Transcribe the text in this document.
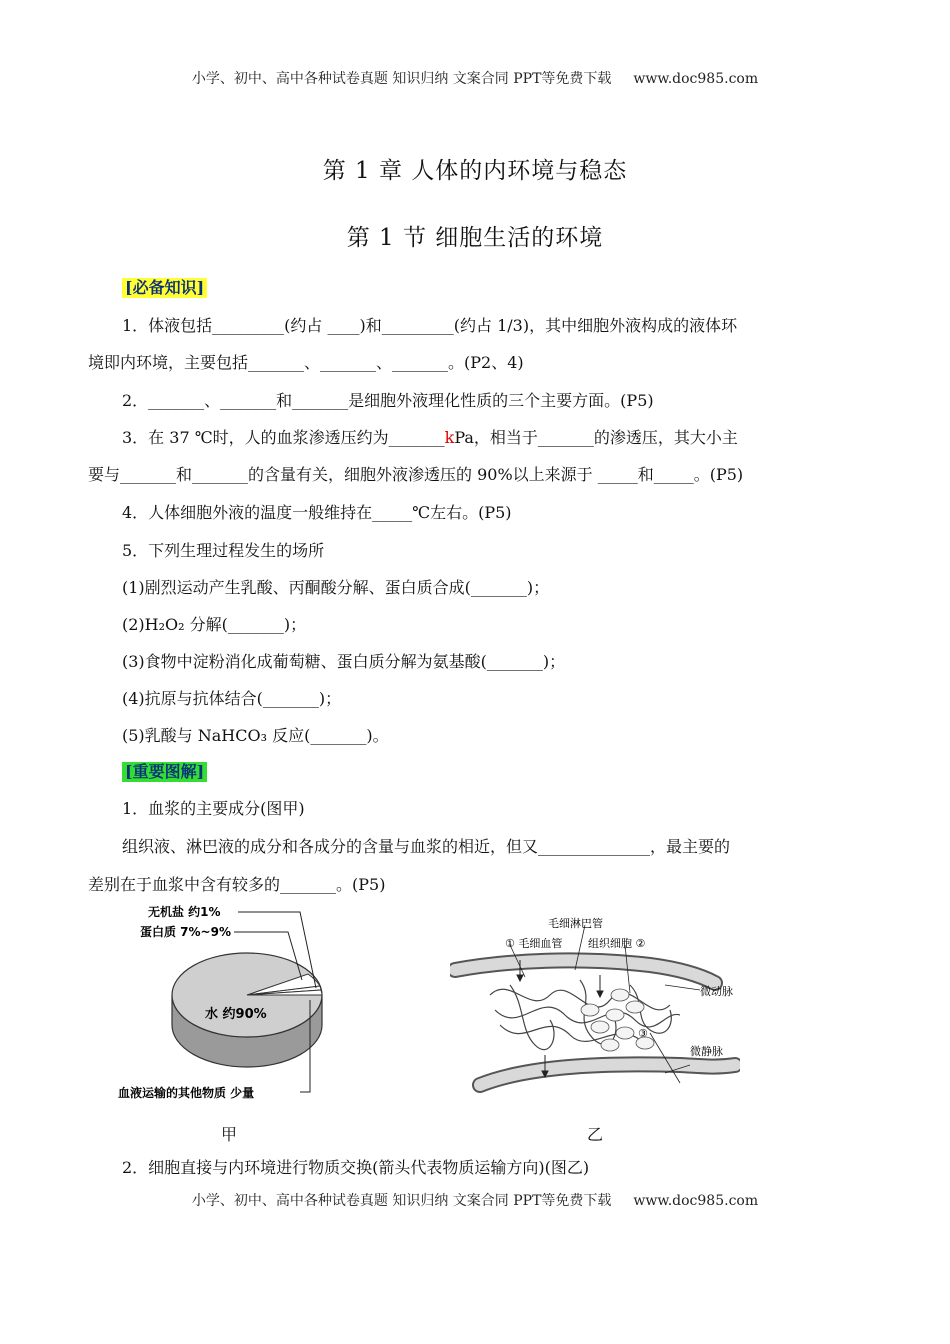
小学、初中、高中各种试卷真题 知识归纳 文案合同 PPT等免费下载 www.doc985.com
第 1 章 人体的内环境与稳态
第 1 节 细胞生活的环境
[必备知识]
1．体液包括_________(约占 ____)和_________(约占 1/3)，其中细胞外液构成的液体环
境即内环境，主要包括_______、_______、_______。(P2、4)
2．_______、_______和_______是细胞外液理化性质的三个主要方面。(P5)
3．在 37 ℃时，人的血浆渗透压约为_______kPa，相当于_______的渗透压，其大小主
要与_______和_______的含量有关，细胞外液渗透压的 90%以上来源于 _____和_____。(P5)
4．人体细胞外液的温度一般维持在_____℃左右。(P5)
5．下列生理过程发生的场所
(1)剧烈运动产生乳酸、丙酮酸分解、蛋白质合成(_______)；
(2)H₂O₂ 分解(_______)；
(3)食物中淀粉消化成葡萄糖、蛋白质分解为氨基酸(_______)；
(4)抗原与抗体结合(_______)；
(5)乳酸与 NaHCO₃ 反应(_______)。
[重要图解]
1．血浆的主要成分(图甲)
组织液、淋巴液的成分和各成分的含量与血浆的相近，但又______________，最主要的
差别在于血浆中含有较多的_______。(P5)
无机盐 约1%
蛋白质 7%~9%
水 约90%
血液运输的其他物质 少量
毛细淋巴管
① 毛细血管 组织细胞 ②
③
微动脉
微静脉
甲	乙
2．细胞直接与内环境进行物质交换(箭头代表物质运输方向)(图乙)
小学、初中、高中各种试卷真题 知识归纳 文案合同 PPT等免费下载 www.doc985.com
